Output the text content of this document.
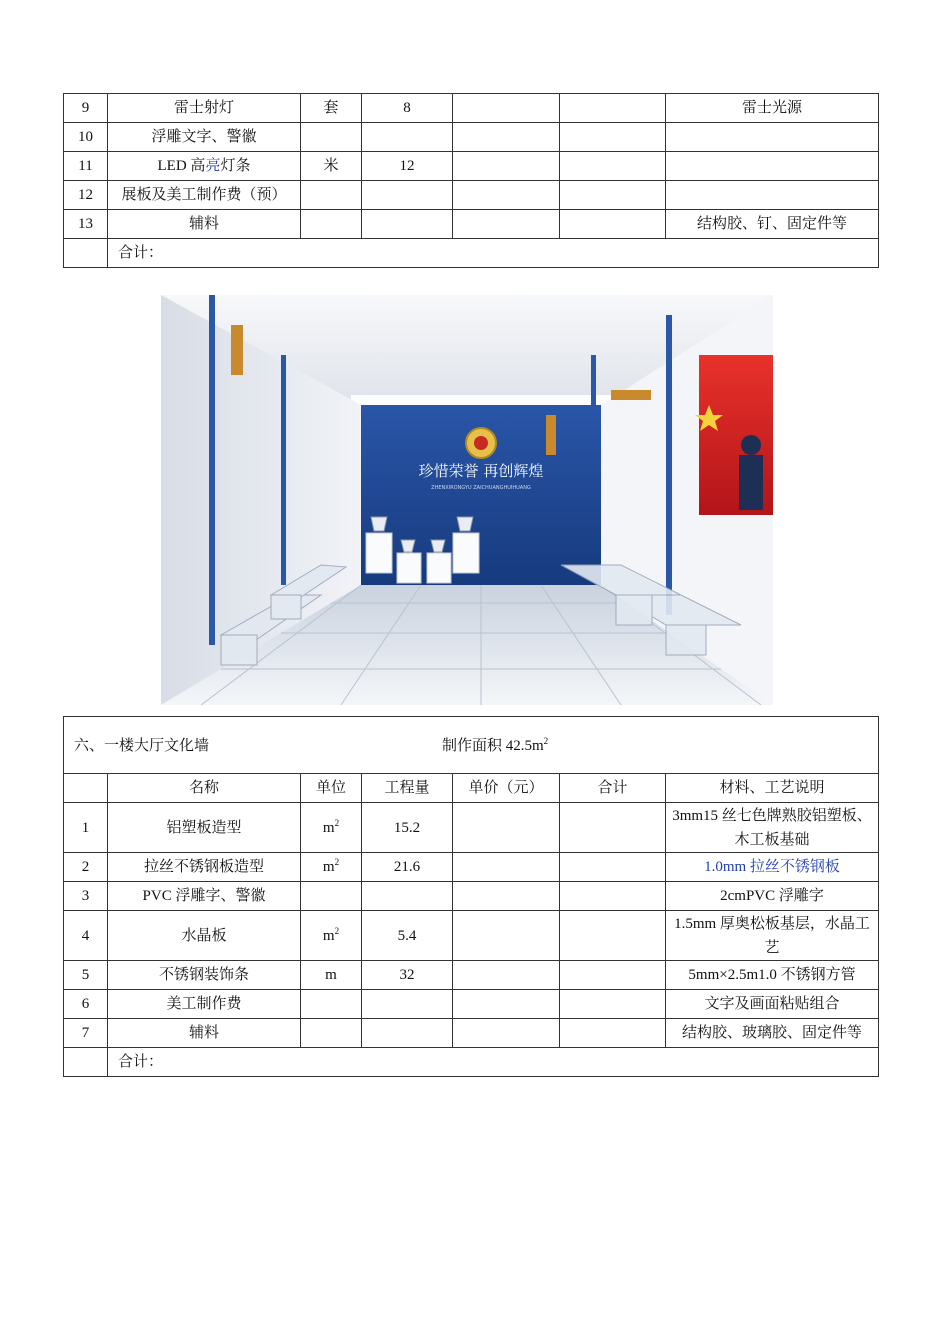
9	雷士射灯	套	8			雷士光源
10	浮雕文字、警徽					
11	LED 高亮灯条	米	12			
12	展板及美工制作费（预）					
13	辅料					结构胶、钉、固定件等
	合计：					
珍惜荣誉 再创辉煌
ZHENXIRONGYU ZAICHUANGHUIHUANG
六、一楼大厅文化墙 制作面积 $42.5m^2$

	名称	单位	工程量	单价（元）	合计	材料、工艺说明
1	铝塑板造型	$m^2$	15.2			3mm15 丝七色牌熟胶铝塑板、木工板基础
2	拉丝不锈钢板造型	$m^2$	21.6			1.0mm 拉丝不锈钢板
3	PVC 浮雕字、警徽					2cmPVC 浮雕字
4	水晶板	$m^2$	5.4			1.5mm 厚奥松板基层，水晶工艺
5	不锈钢装饰条	m	32			5mm×2.5m1.0 不锈钢方管
6	美工制作费					文字及画面粘贴组合
7	辅料					结构胶、玻璃胶、固定件等
	合计：					
